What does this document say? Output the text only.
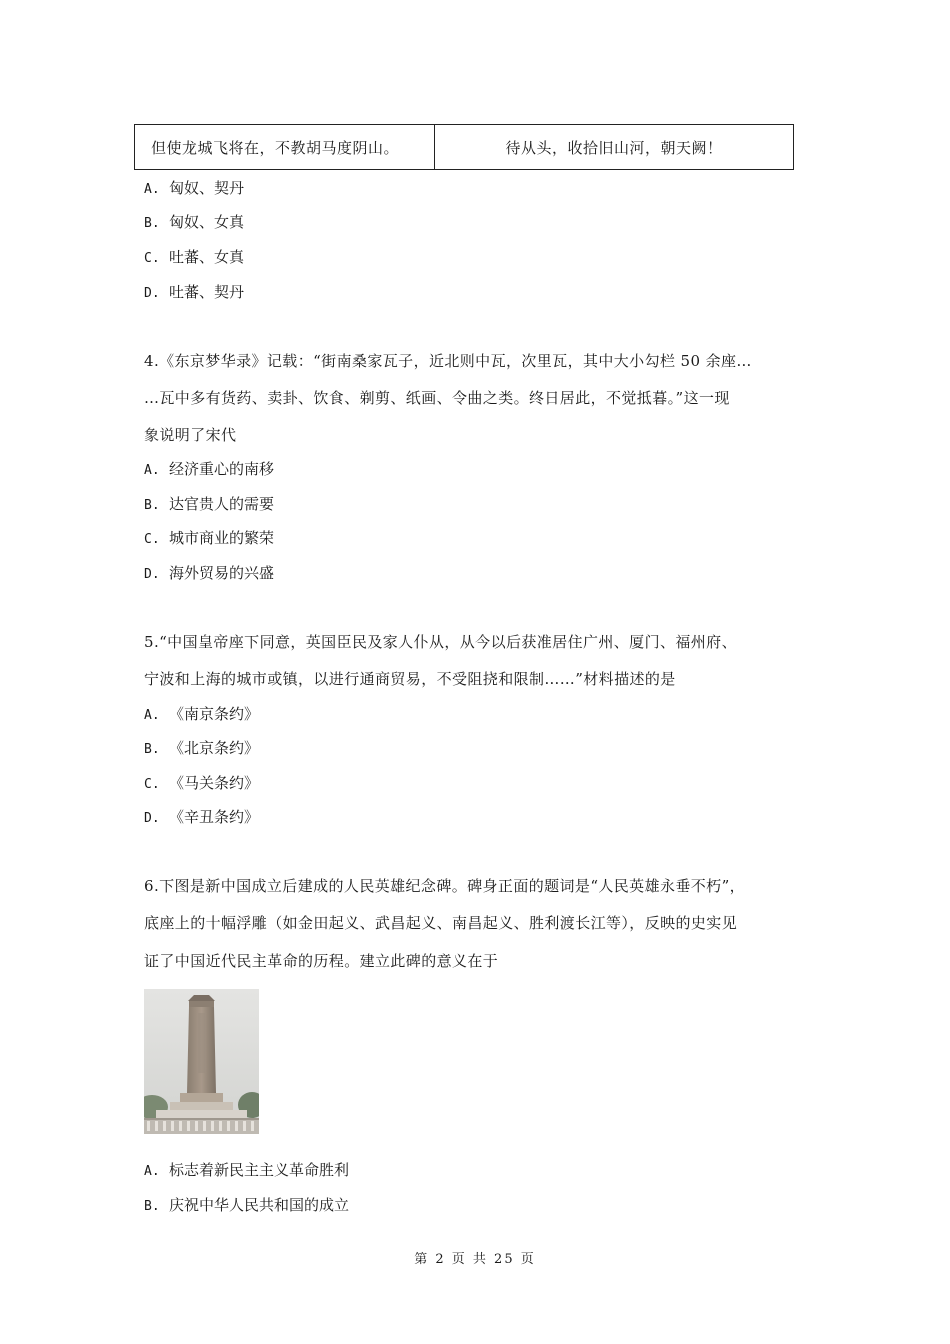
但使龙城飞将在，不教胡马度阴山。	待从头，收拾旧山河，朝天阙！
A. 匈奴、契丹
B. 匈奴、女真
C. 吐蕃、女真
D. 吐蕃、契丹
4.《东京梦华录》记载：“街南桑家瓦子，近北则中瓦，次里瓦，其中大小勾栏 50 余座…
…瓦中多有货药、卖卦、饮食、剃剪、纸画、令曲之类。终日居此，不觉抵暮。”这一现
象说明了宋代
A. 经济重心的南移
B. 达官贵人的需要
C. 城市商业的繁荣
D. 海外贸易的兴盛
5.“中国皇帝座下同意，英国臣民及家人仆从，从今以后获准居住广州、厦门、福州府、
宁波和上海的城市或镇，以进行通商贸易，不受阻挠和限制……”材料描述的是
A. 《南京条约》
B. 《北京条约》
C. 《马关条约》
D. 《辛丑条约》
6.下图是新中国成立后建成的人民英雄纪念碑。碑身正面的题词是“人民英雄永垂不朽”，
底座上的十幅浮雕（如金田起义、武昌起义、南昌起义、胜利渡长江等），反映的史实见
证了中国近代民主革命的历程。建立此碑的意义在于
A. 标志着新民主主义革命胜利
B. 庆祝中华人民共和国的成立
第 2 页 共 25 页
